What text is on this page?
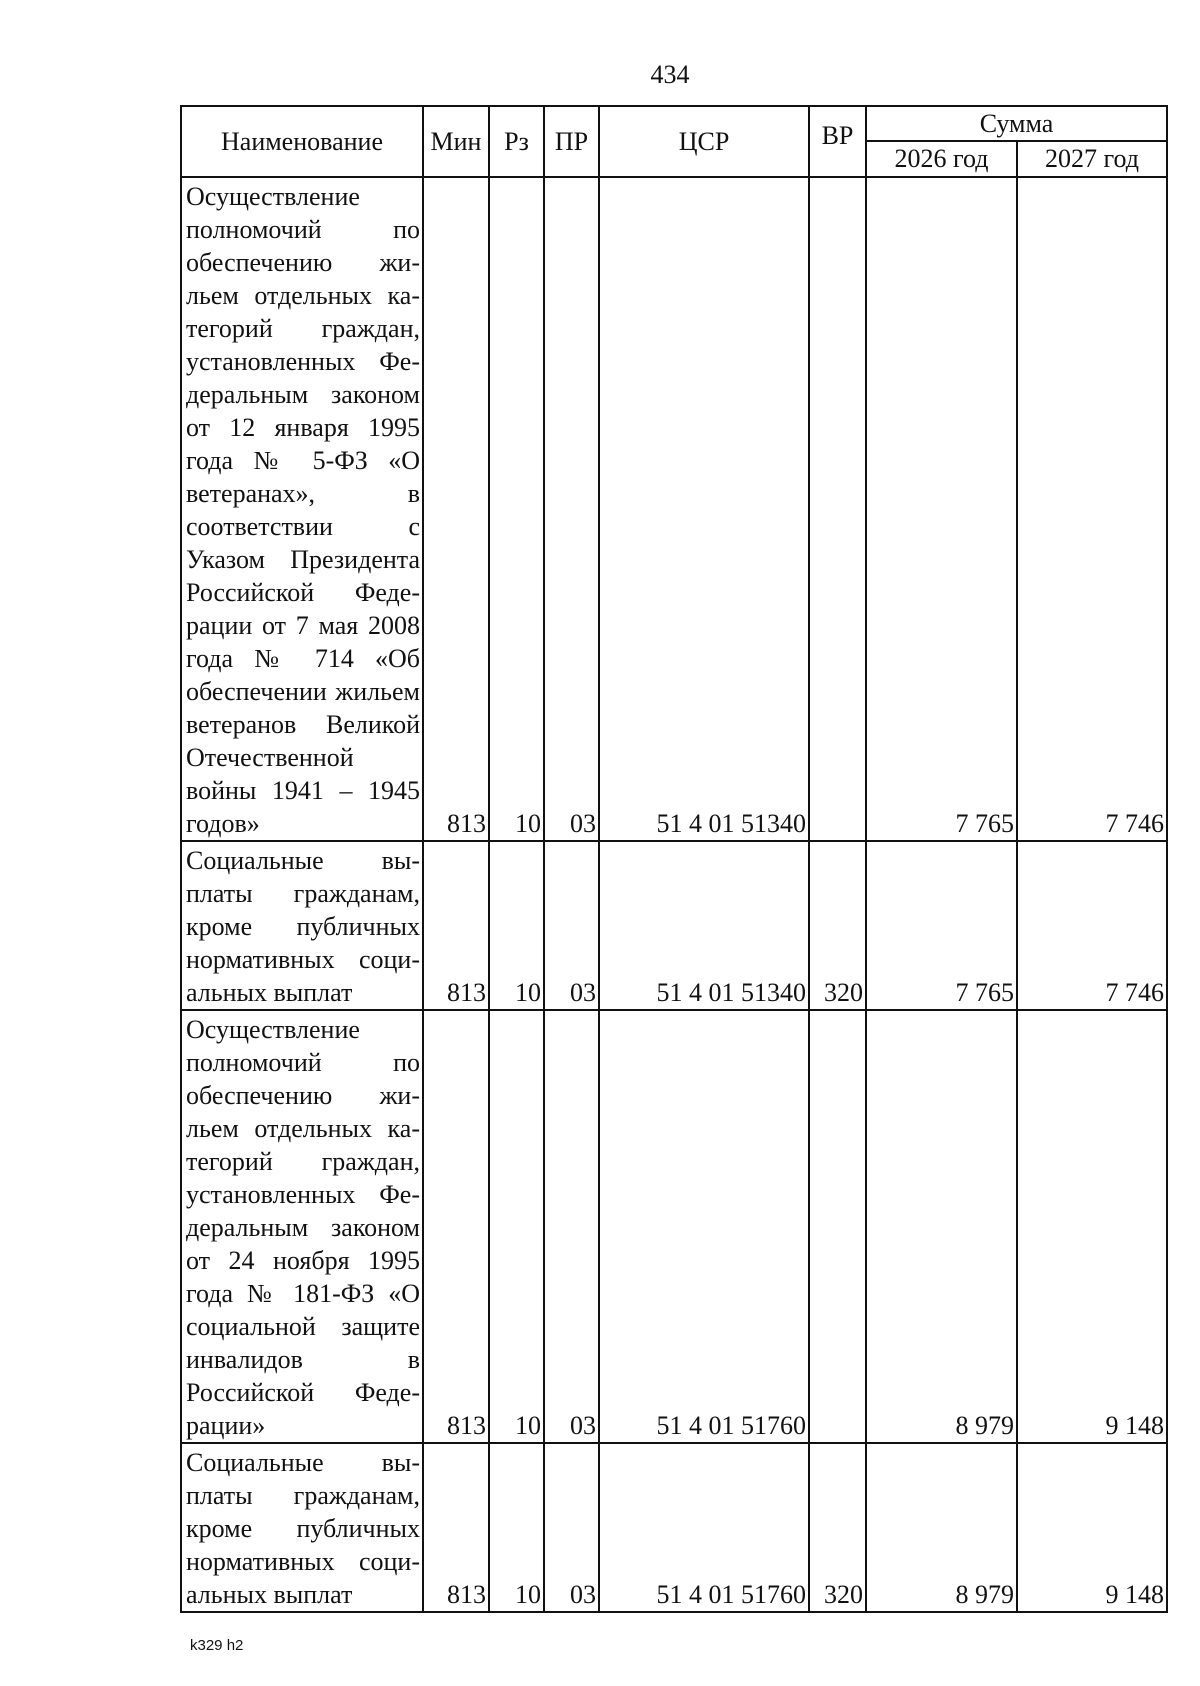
434
Наименование	Мин	Рз	ПР	ЦСР	ВР	Сумма	
						2026 год	2027 год
Осуществление полномочий по обеспечению жильем отдельных категорий граждан, установленных Федеральным законом от 12 января 1995 года № 5-ФЗ «О ветеранах», в соответствии с Указом Президента Российской Федерации от 7 мая 2008 года № 714 «Об обеспечении жильем ветеранов Великой Отечественной войны 1941 – 1945 годов»	813	10	03	51 4 01 51340		7 765	7 746
Социальные выплаты гражданам, кроме публичных нормативных социальных выплат	813	10	03	51 4 01 51340	320	7 765	7 746
Осуществление полномочий по обеспечению жильем отдельных категорий граждан, установленных Федеральным законом от 24 ноября 1995 года № 181-ФЗ «О социальной защите инвалидов в Российской Федерации»	813	10	03	51 4 01 51760		8 979	9 148
Социальные выплаты гражданам, кроме публичных нормативных социальных выплат	813	10	03	51 4 01 51760	320	8 979	9 148
k329 h2
